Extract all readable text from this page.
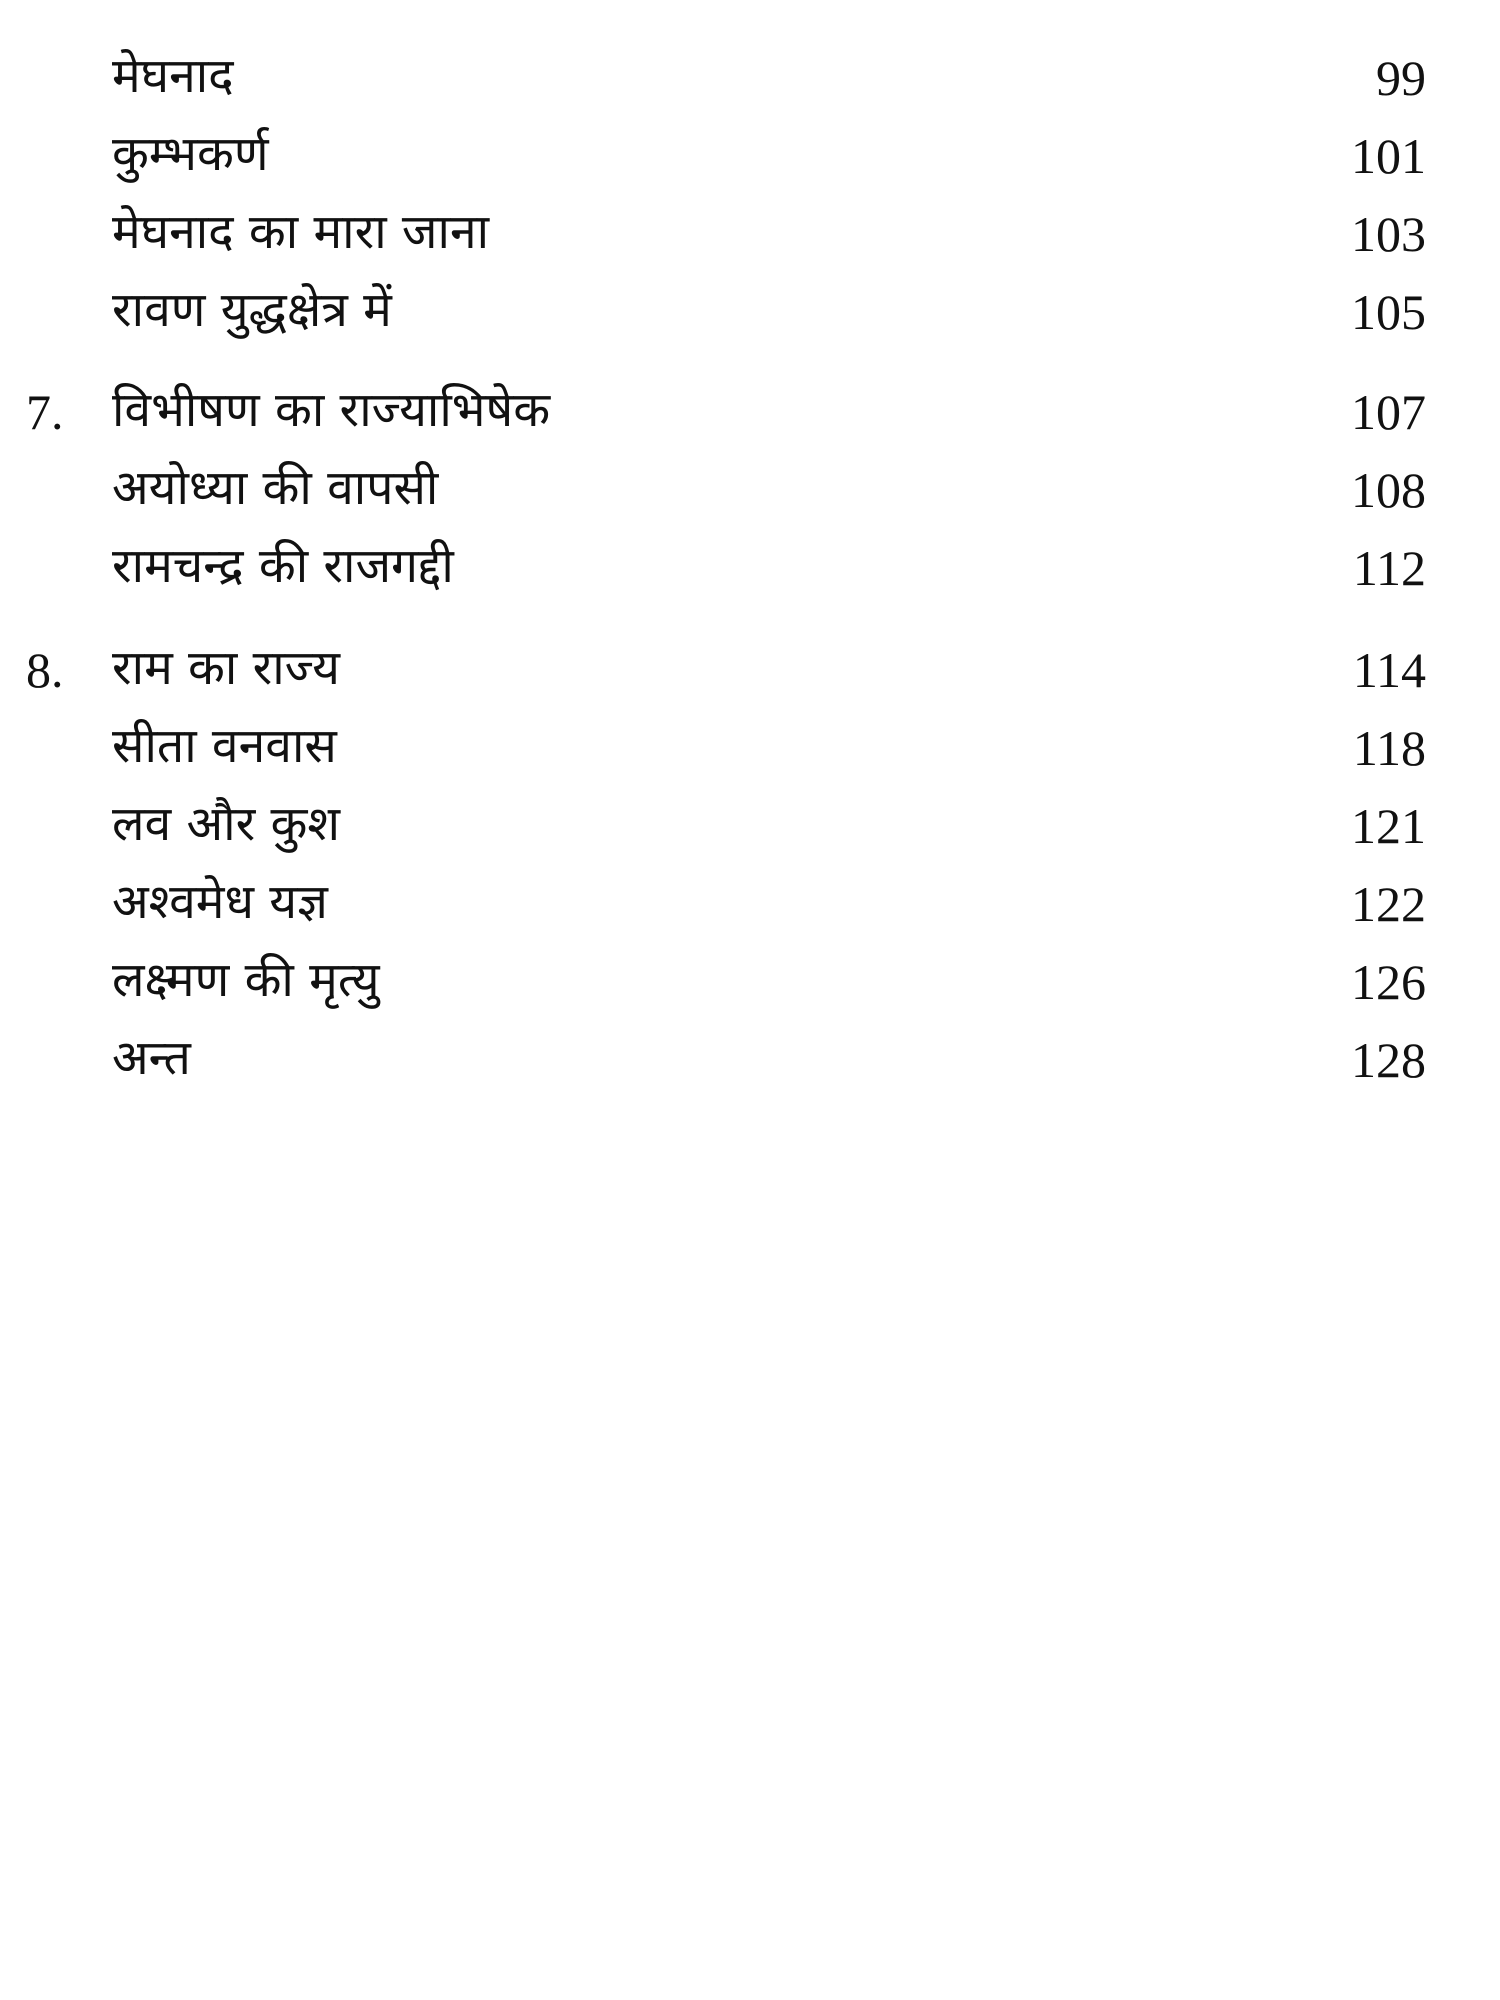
मेघनाद	99
कुम्भकर्ण	101
मेघनाद का मारा जाना	103
रावण युद्धक्षेत्र में	105
7. विभीषण का राज्याभिषेक	107
अयोध्या की वापसी	108
रामचन्द्र की राजगद्दी	112
8. राम का राज्य	114
सीता वनवास	118
लव और कुश	121
अश्वमेध यज्ञ	122
लक्ष्मण की मृत्यु	126
अन्त	128
